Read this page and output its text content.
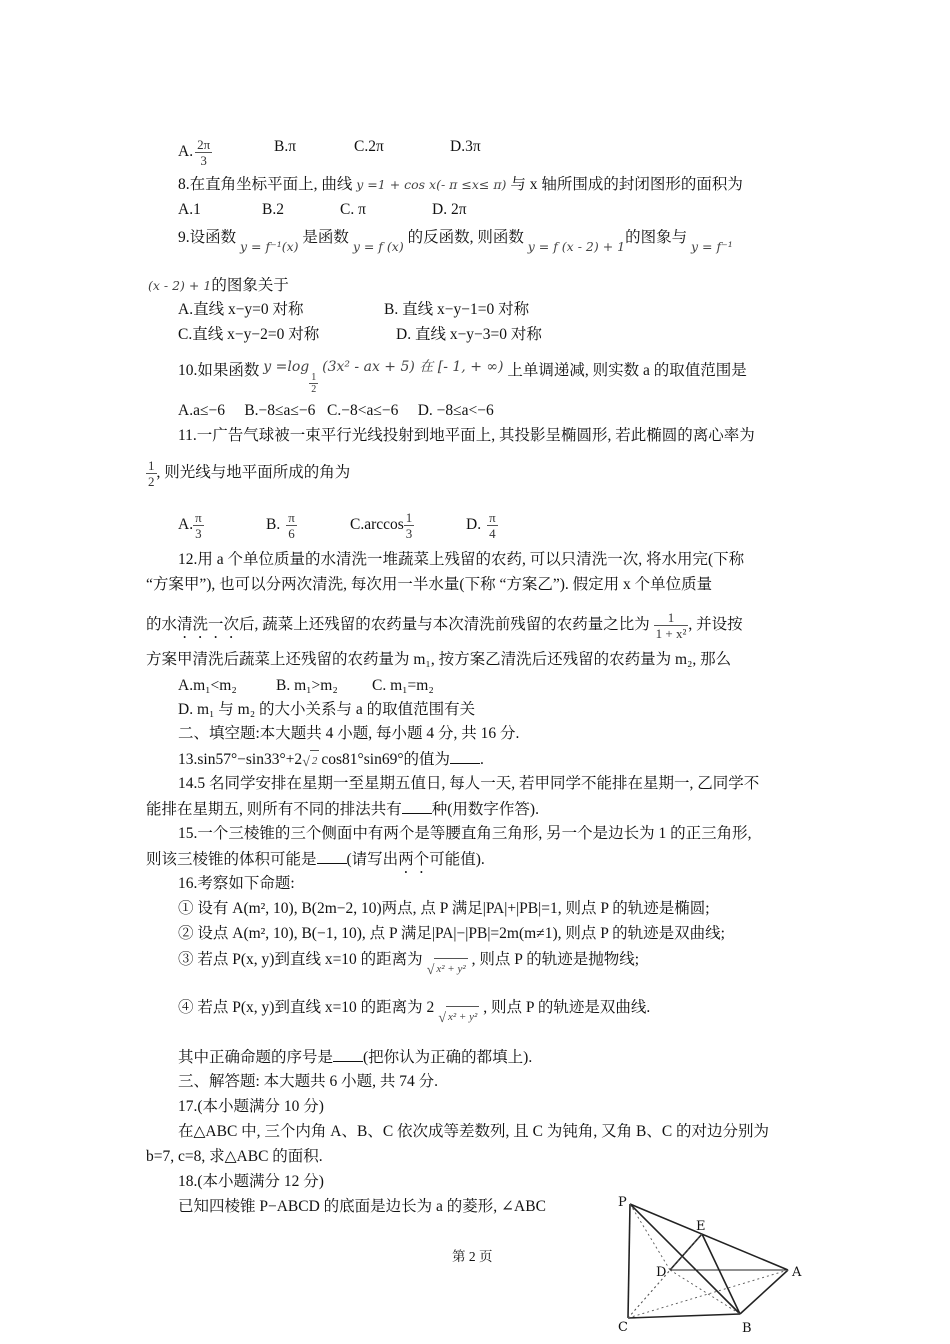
A. $\frac{2\pi}{3}$	B.π	C.2π	D.3π
8.在直角坐标平面上, 曲线 y =1 + cos x(- π ≤x≤ π) 与 x 轴所围成的封闭图形的面积为
A.1	B.2	C. π	D. 2π
9.设函数 $_{y = f^{-1}(x)}$ 是函数 $_{y = f (x)}$ 的反函数, 则函数 $_{y = f (x - 2) + 1}$的图象与 $_{y = f^{-1}}$
(x - 2) + 1的图象关于
A.直线 x−y=0 对称	B. 直线 x−y−1=0 对称
C.直线 x−y−2=0 对称	D. 直线 x−y−3=0 对称
10.如果函数 y =log
$\frac{1}{2}$
(3x² - ax + 5) 在 [- 1, + ∞) 上单调递减, 则实数 a 的取值范围是
A.a≤−6     B.−8≤a≤−6   C.−8<a≤−6     D. −8≤a<−6
11.一广告气球被一束平行光线投射到地平面上, 其投影呈椭圆形, 若此椭圆的离心率为
$\frac{1}{2}$ , 则光线与地平面所成的角为
A. $\frac{\pi}{3}$	B. $\frac{\pi}{6}$	$C.\arccos \frac{1}{3}$	D. $\frac{\pi}{4}$
12.用 a 个单位质量的水清洗一堆蔬菜上残留的农药, 可以只清洗一次, 将水用完(下称
“方案甲”), 也可以分两次清洗, 每次用一半水量(下称 “方案乙”). 假定用 x 个单位质量
的水清洗一次后, 蔬菜上还残留的农药量与本次清洗前残留的农药量之比为 $\frac{1}{\text{1 + x²}}$ , 并设按
方案甲清洗后蔬菜上还残留的农药量为 m₁, 按方案乙清洗后还残留的农药量为 m₂, 那么
A.m₁<m₂	B. m₁>m₂ C. m₁=m₂
D. m₁ 与 m₂ 的大小关系与 a 的取值范围有关
二、填空题:本大题共 4 小题, 每小题 4 分, 共 16 分.
13.sin57°−sin33°+2√ 2 cos81°sin69°的值为 .
14.5 名同学安排在星期一至星期五值日, 每人一天, 若甲同学不能排在星期一, 乙同学不
能排在星期五, 则所有不同的排法共有 种(用数字作答).
15.一个三棱锥的三个侧面中有两个是等腰直角三角形, 另一个是边长为 1 的正三角形,
则该三棱锥的体积可能是 (请写出两个可能值).
16.考察如下命题:
① 设有 A(m², 10), B(2m−2, 10)两点, 点 P 满足|PA|+|PB|=1, 则点 P 的轨迹是椭圆;
② 设点 A(m², 10), B(−1, 10), 点 P 满足|PA|−|PB|=2m(m≠1), 则点 P 的轨迹是双曲线;
③ 若点 P(x, y)到直线 x=10 的距离为√ x² + y², 则点 P 的轨迹是抛物线;
④ 若点 P(x, y)到直线 x=10 的距离为 2√ x² + y², 则点 P 的轨迹是双曲线.
其中正确命题的序号是 (把你认为正确的都填上).
三、解答题: 本大题共 6 小题, 共 74 分.
17.(本小题满分 10 分)
在△ABC 中, 三个内角 A、B、C 依次成等差数列, 且 C 为钝角, 又角 B、C 的对边分别为
b=7, c=8, 求△ABC 的面积.
18.(本小题满分 12 分)
已知四棱锥 P−ABCD 的底面是边长为 a 的菱形, ∠ABC
第 2 页
P
E
A
D
C	B
